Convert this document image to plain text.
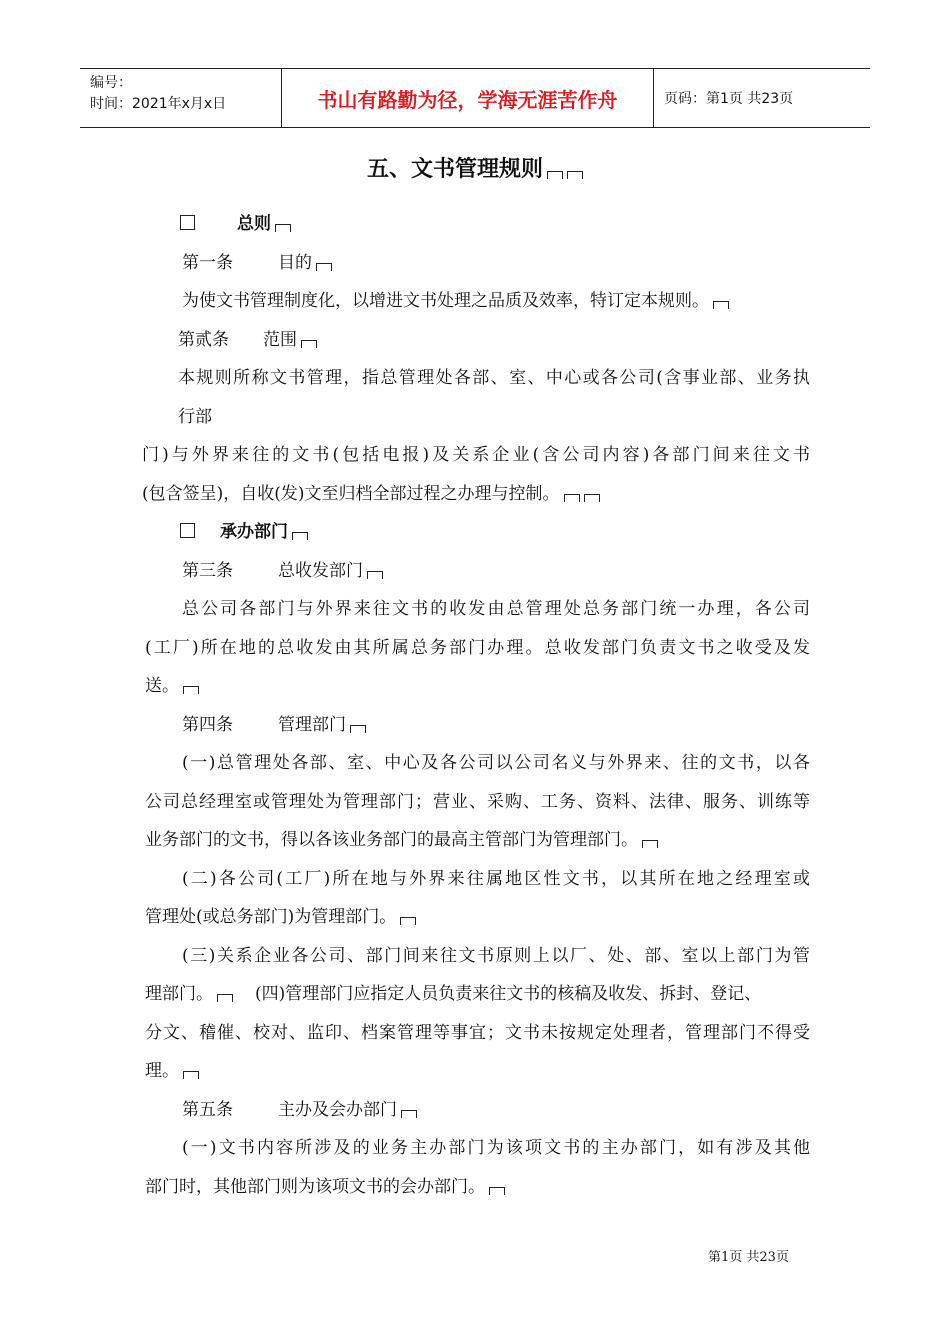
编号：
时间：2021年x月x日	书山有路勤为径，学海无涯苦作舟	页码：第1页 共23页
五、文书管理规则
总则
第一条	目的
为使文书管理制度化，以增进文书处理之品质及效率，特订定本规则。
第贰条 范围
本规则所称文书管理，指总管理处各部、室、中心或各公司(含事业部、业务执
行部
门)与外界来往的文书(包括电报)及关系企业(含公司内容)各部门间来往文书
(包含签呈)，自收(发)文至归档全部过程之办理与控制。
承办部门
第三条	总收发部门
总公司各部门与外界来往文书的收发由总管理处总务部门统一办理，各公司
(工厂)所在地的总收发由其所属总务部门办理。总收发部门负责文书之收受及发
送。
第四条	管理部门
(一)总管理处各部、室、中心及各公司以公司名义与外界来、往的文书，以各
公司总经理室或管理处为管理部门；营业、采购、工务、资料、法律、服务、训练等
业务部门的文书，得以各该业务部门的最高主管部门为管理部门。
(二)各公司(工厂)所在地与外界来往属地区性文书，以其所在地之经理室或
管理处(或总务部门)为管理部门。
(三)关系企业各公司、部门间来往文书原则上以厂、处、部、室以上部门为管
理部门。 (四)管理部门应指定人员负责来往文书的核稿及收发、拆封、登记、
分文、稽催、校对、监印、档案管理等事宜；文书未按规定处理者，管理部门不得受
理。
第五条	主办及会办部门
(一)文书内容所涉及的业务主办部门为该项文书的主办部门，如有涉及其他
部门时，其他部门则为该项文书的会办部门。
第1页 共23页
